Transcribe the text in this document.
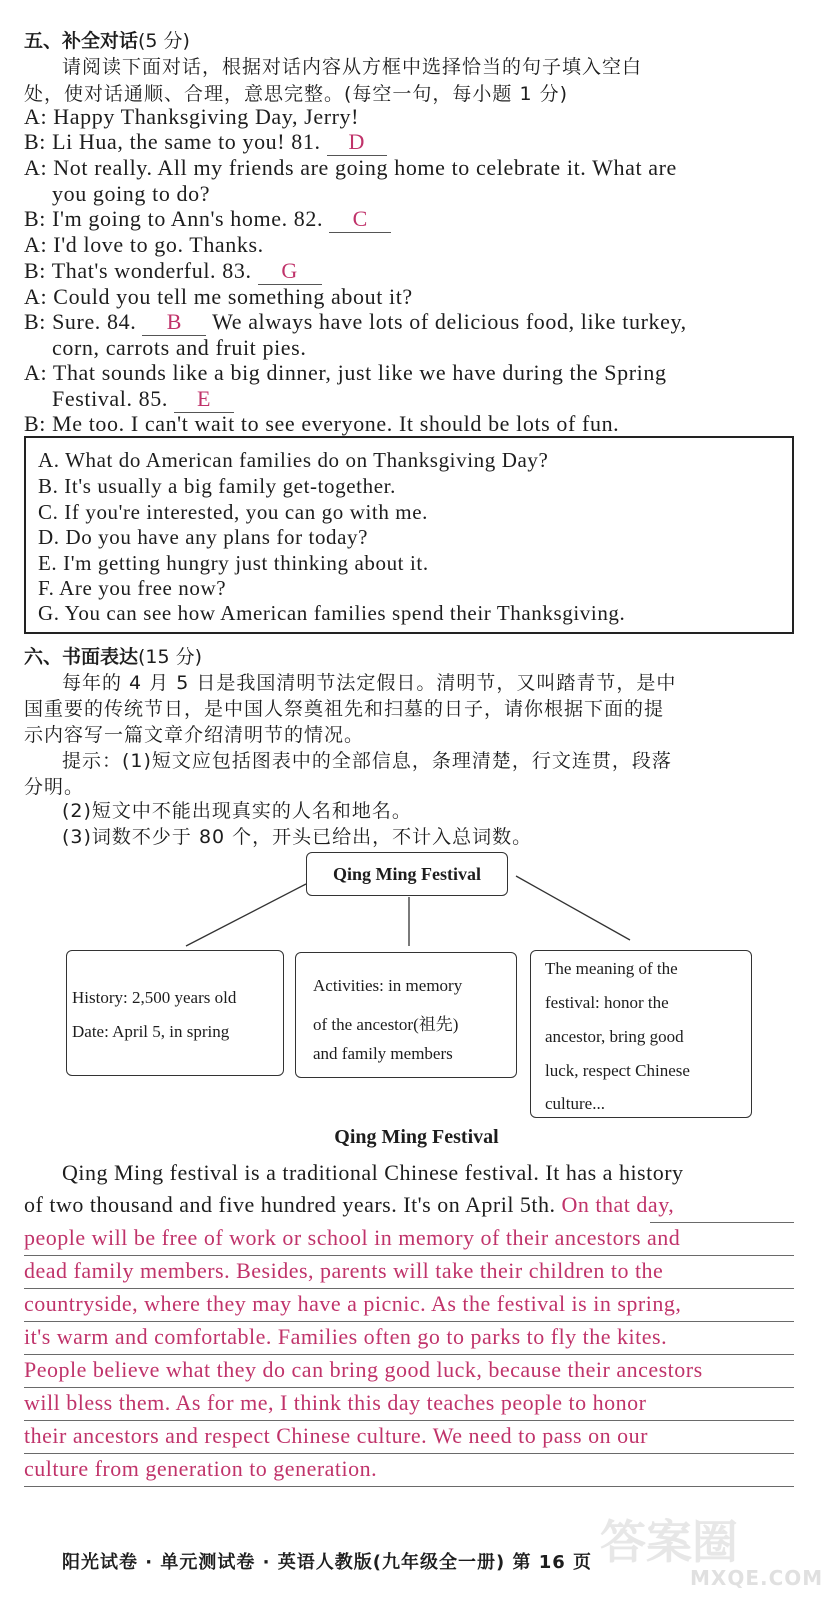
五、补全对话(5 分)
请阅读下面对话，根据对话内容从方框中选择恰当的句子填入空白
处，使对话通顺、合理，意思完整。(每空一句，每小题 1 分)
A: Happy Thanksgiving Day, Jerry!
B: Li Hua, the same to you! 81. D
A: Not really. All my friends are going home to celebrate it. What are
you going to do?
B: I'm going to Ann's home. 82. C
A: I'd love to go. Thanks.
B: That's wonderful. 83. G
A: Could you tell me something about it?
B: Sure. 84. B We always have lots of delicious food, like turkey,
corn, carrots and fruit pies.
A: That sounds like a big dinner, just like we have during the Spring
Festival. 85. E
B: Me too. I can't wait to see everyone. It should be lots of fun.
A. What do American families do on Thanksgiving Day?
B. It's usually a big family get-together.
C. If you're interested, you can go with me.
D. Do you have any plans for today?
E. I'm getting hungry just thinking about it.
F. Are you free now?
G. You can see how American families spend their Thanksgiving.
六、书面表达(15 分)
每年的 4 月 5 日是我国清明节法定假日。清明节，又叫踏青节，是中
国重要的传统节日，是中国人祭奠祖先和扫墓的日子，请你根据下面的提
示内容写一篇文章介绍清明节的情况。
提示：(1)短文应包括图表中的全部信息，条理清楚，行文连贯，段落
分明。
(2)短文中不能出现真实的人名和地名。
(3)词数不少于 80 个，开头已给出，不计入总词数。
Qing Ming Festival
History: 2,500 years old
Date: April 5, in spring
Activities: in memory
of the ancestor(祖先)
and family members
The meaning of the
festival: honor the
ancestor, bring good
luck, respect Chinese
culture...
Qing Ming Festival
Qing Ming festival is a traditional Chinese festival. It has a history
of two thousand and five hundred years. It's on April 5th. On that day,
people will be free of work or school in memory of their ancestors and
dead family members. Besides, parents will take their children to the
countryside, where they may have a picnic. As the festival is in spring,
it's warm and comfortable. Families often go to parks to fly the kites.
People believe what they do can bring good luck, because their ancestors
will bless them. As for me, I think this day teaches people to honor
their ancestors and respect Chinese culture. We need to pass on our
culture from generation to generation.
阳光试卷 · 单元测试卷 · 英语人教版(九年级全一册) 第 16 页 答案圈
MXQE.COM
